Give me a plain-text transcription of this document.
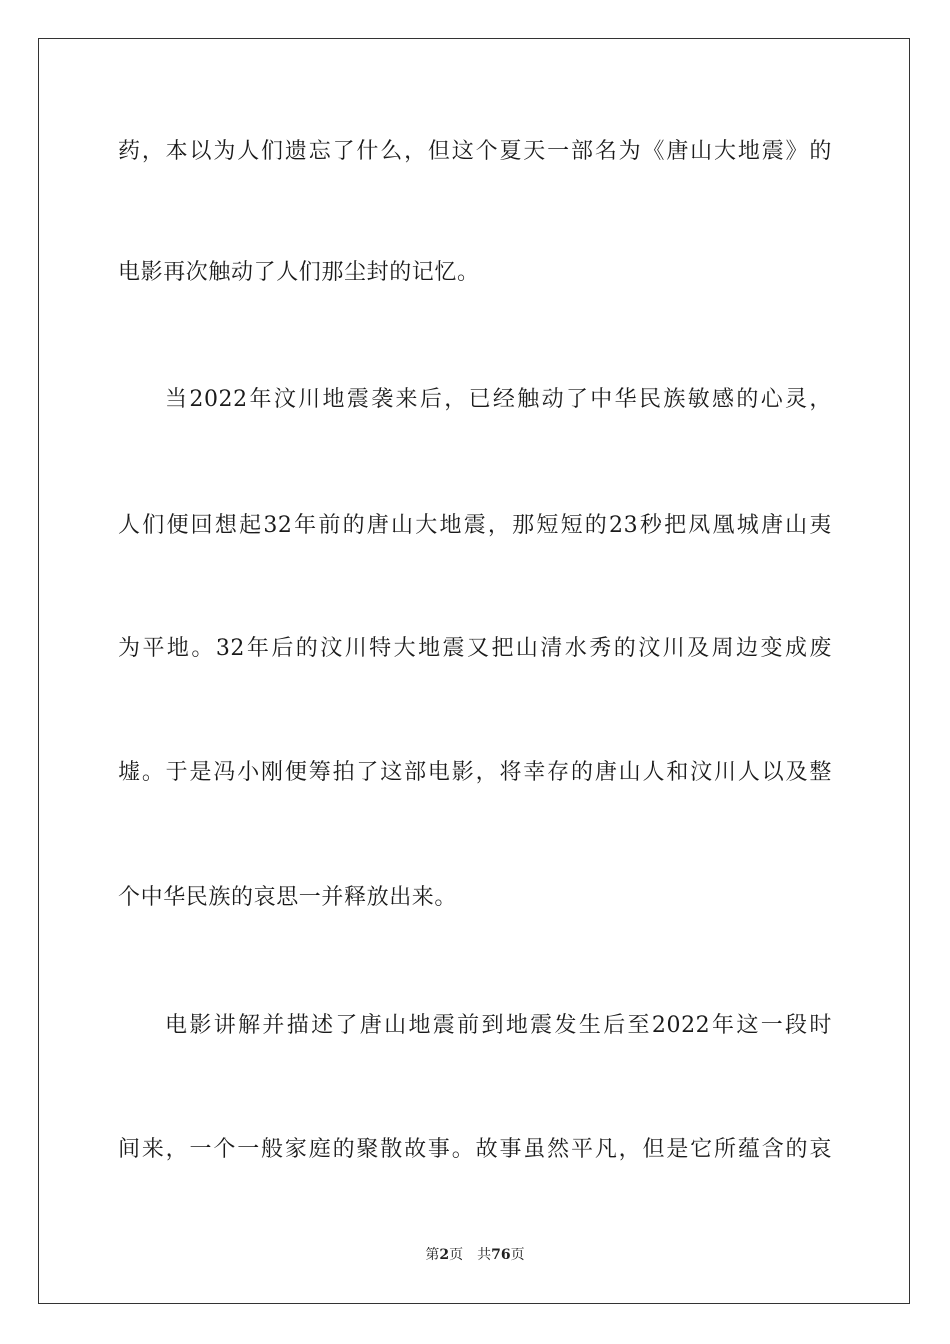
药，本以为人们遗忘了什么，但这个夏天一部名为《唐山大地震》的
电影再次触动了人们那尘封的记忆。
当2022年汶川地震袭来后，已经触动了中华民族敏感的心灵，
人们便回想起32年前的唐山大地震，那短短的23秒把凤凰城唐山夷
为平地。32年后的汶川特大地震又把山清水秀的汶川及周边变成废
墟。于是冯小刚便筹拍了这部电影，将幸存的唐山人和汶川人以及整
个中华民族的哀思一并释放出来。
电影讲解并描述了唐山地震前到地震发生后至2022年这一段时
间来，一个一般家庭的聚散故事。故事虽然平凡，但是它所蕴含的哀
第2页 共76页
